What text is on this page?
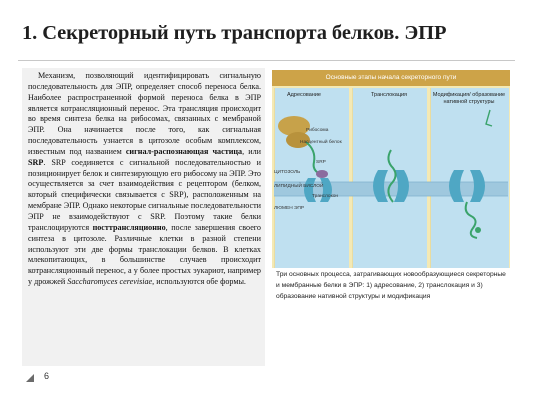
1. Секреторный путь транспорта белков. ЭПР
Механизм, позволяющий идентифицировать сигнальную последовательность для ЭПР, определяет способ переноса белка. Наиболее распространенной формой переноса белка в ЭПР является котрансляционный перенос. Эта трансляция происходит во время синтеза белка на рибосомах, связанных с мембраной ЭПР. Она начинается после того, как сигнальная последовательность узнается в цитозоле особым комплексом, известным под названием сигнал-распознающая частица, или SRP. SRP соединяется с сигнальной последовательностью и позиционирует белок и синтезирующую его рибосому на ЭПР. Это осуществляется за счет взаимодействия с рецептором (белком, который специфически связывается с SRP), расположенным на мембране ЭПР. Однако некоторые сигнальные последовательности ЭПР не взаимодействуют с SRP. Поэтому такие белки транслоцируются посттрансляционно, после завершения своего синтеза в цитозоле. Различные клетки в разной степени используют эти две формы транслокации белков. В клетках млекопитающих, в большинстве случаев происходит котрансляционный перенос, а у более простых эукариот, например у дрожжей Saccharomyces cerevisiae, используются обе формы.
Основные этапы начала секреторного пути
Адресование	Транслокация	Модификация/ образование нативной структуры
ЦИТОЗОЛЬ
ЛИПИДНЫЙ БИСЛОЙ
ЛЮМЕН ЭПР
Рибосома
Насцентный белок
SRP
Транслокон
Три основных процесса, затрагивающих новообразующиеся секреторные и мембранные белки в ЭПР: 1) адресование, 2) транслокация и 3) образование нативной структуры и модификация
6
